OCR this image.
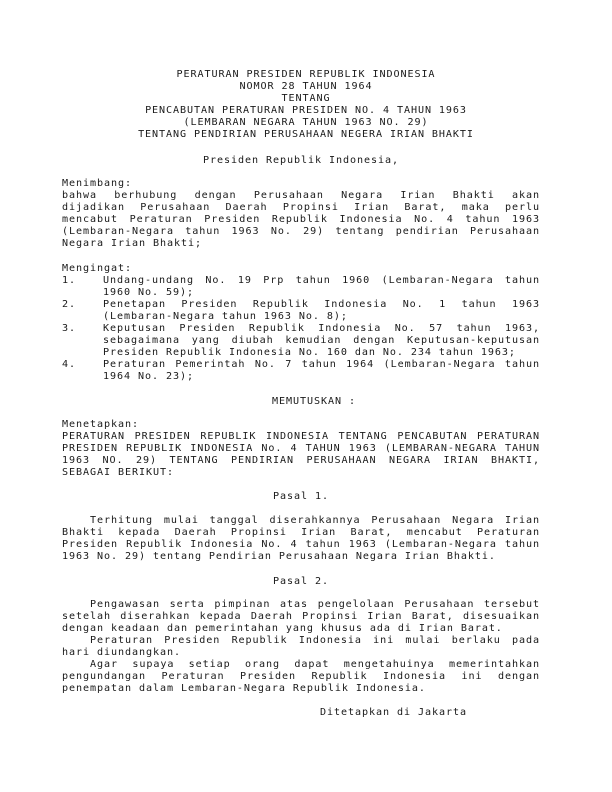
PERATURAN PRESIDEN REPUBLIK INDONESIA
NOMOR 28 TAHUN 1964
TENTANG
PENCABUTAN PERATURAN PRESIDEN NO. 4 TAHUN 1963
(LEMBARAN NEGARA TAHUN 1963 NO. 29)
TENTANG PENDIRIAN PERUSAHAAN NEGERA IRIAN BHAKTI
Presiden Republik Indonesia,
Menimbang:
bahwa berhubung dengan Perusahaan Negara Irian Bhakti akan
dijadikan Perusahaan Daerah Propinsi Irian Barat, maka perlu
mencabut Peraturan Presiden Republik Indonesia No. 4 tahun 1963
(Lembaran-Negara tahun 1963 No. 29) tentang pendirian Perusahaan
Negara Irian Bhakti;
Mengingat:
1.	Undang-undang No. 19 Prp tahun 1960 (Lembaran-Negara tahun
1960 No. 59);
2.	Penetapan Presiden Republik Indonesia No. 1 tahun 1963
(Lembaran-Negara tahun 1963 No. 8);
3.	Keputusan Presiden Republik Indonesia No. 57 tahun 1963,
sebagaimana yang diubah kemudian dengan Keputusan-keputusan
Presiden Republik Indonesia No. 160 dan No. 234 tahun 1963;
4.	Peraturan Pemerintah No. 7 tahun 1964 (Lembaran-Negara tahun
1964 No. 23);
MEMUTUSKAN :
Menetapkan:
PERATURAN PRESIDEN REPUBLIK INDONESIA TENTANG PENCABUTAN PERATURAN
PRESIDEN REPUBLIK INDONESIA No. 4 TAHUN 1963 (LEMBARAN-NEGARA TAHUN
1963 NO. 29) TENTANG PENDIRIAN PERUSAHAAN NEGARA IRIAN BHAKTI,
SEBAGAI BERIKUT:
Pasal 1.
Terhitung mulai tanggal diserahkannya Perusahaan Negara Irian
Bhakti kepada Daerah Propinsi Irian Barat, mencabut Peraturan
Presiden Republik Indonesia No. 4 tahun 1963 (Lembaran-Negara tahun
1963 No. 29) tentang Pendirian Perusahaan Negara Irian Bhakti.
Pasal 2.
Pengawasan serta pimpinan atas pengelolaan Perusahaan tersebut
setelah diserahkan kepada Daerah Propinsi Irian Barat, disesuaikan
dengan keadaan dan pemerintahan yang khusus ada di Irian Barat.
Peraturan Presiden Republik Indonesia ini mulai berlaku pada
hari diundangkan.
Agar supaya setiap orang dapat mengetahuinya memerintahkan
pengundangan Peraturan Presiden Republik Indonesia ini dengan
penempatan dalam Lembaran-Negara Republik Indonesia.
Ditetapkan di Jakarta
